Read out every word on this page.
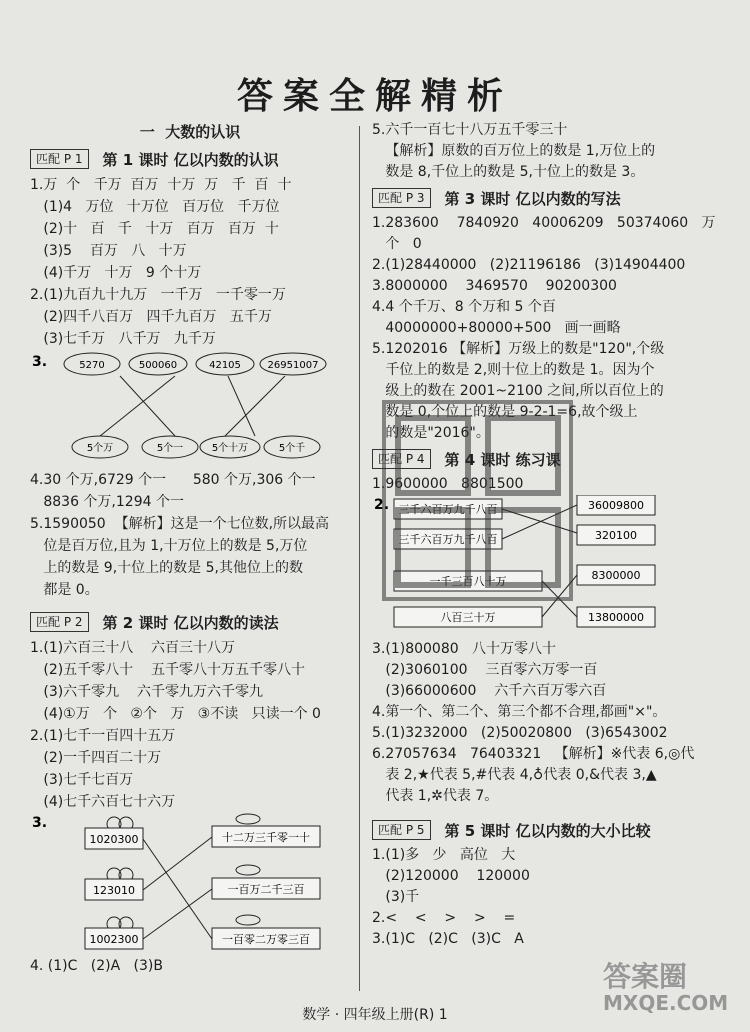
答案全解精析

一  大数的认识

匹配 P 1	第 1 课时 亿以内数的认识

1.万  个   千万  百万  十万  万   千  百  十

(1)4   万位   十万位   百万位   千万位

(2)十   百   千   十万   百万   百万  十

(3)5    百万   八   十万

(4)千万   十万   9 个十万

2.(1)九百九十九万   一千万   一千零一万

(2)四千八百万   四千九百万   五千万

(3)七千万   八千万   九千万

3.	5270	500060	42105	26951007
5个万	5个一	5个十万	5个千

4.30 个万,6729 个一      580 个万,306 个一

8836 个万,1294 个一

5.1590050  【解析】这是一个七位数,所以最高

位是百万位,且为 1,十万位上的数是 5,万位

上的数是 9,十位上的数是 5,其他位上的数

都是 0。

匹配 P 2	第 2 课时 亿以内数的读法

1.(1)六百三十八    六百三十八万

(2)五千零八十    五千零八十万五千零八十

(3)六千零九    六千零九万六千零九

(4)①万   个   ②个   万   ③不读   只读一个 0

2.(1)七千一百四十五万

(2)一千四百二十万

(3)七千七百万

(4)七千六百七十六万

3.
1020300
123010
1002300
十二万三千零一十
一百万二千三百
一百零二万零三百

4. (1)C   (2)A   (3)B

5.六千一百七十八万五千零三十

【解析】原数的百万位上的数是 1,万位上的

数是 8,千位上的数是 5,十位上的数是 3。

匹配 P 3	第 3 课时 亿以内数的写法

1.283600    7840920   40006209   50374060   万

个   0

2.(1)28440000   (2)21196186   (3)14904400

3.8000000    3469570    90200300

4.4 个千万、8 个万和 5 个百

40000000+80000+500   画一画略

5.1202016 【解析】万级上的数是"120",个级

千位上的数是 2,则十位上的数是 1。因为个

级上的数在 2001~2100 之间,所以百位上的

数是 0,个位上的数是 9-2-1=6,故个级上

的数是"2016"。

匹配 P 4	第 4 课时 练习课

1.9600000   8801500

2. 三千六百万九千八百
三千六百万九千八百
一千三百八十万
八百三十万
36009800
320100
8300000
13800000

3.(1)800080   八十万零八十

(2)3060100    三百零六万零一百

(3)66000600    六千六百万零六百

4.第一个、第二个、第三个都不合理,都画"×"。

5.(1)3232000   (2)50020800   (3)6543002

6.27057634   76403321   【解析】※代表 6,◎代

表 2,★代表 5,#代表 4,♁代表 0,&代表 3,▲

代表 1,✲代表 7。

匹配 P 5	第 5 课时 亿以内数的大小比较

1.(1)多   少   高位   大

(2)120000    120000

(3)千

2.<    <    >    >    =

3.(1)C   (2)C   (3)C   A

答案圈
MXQE.COM
数学 · 四年级上册(R) 1
